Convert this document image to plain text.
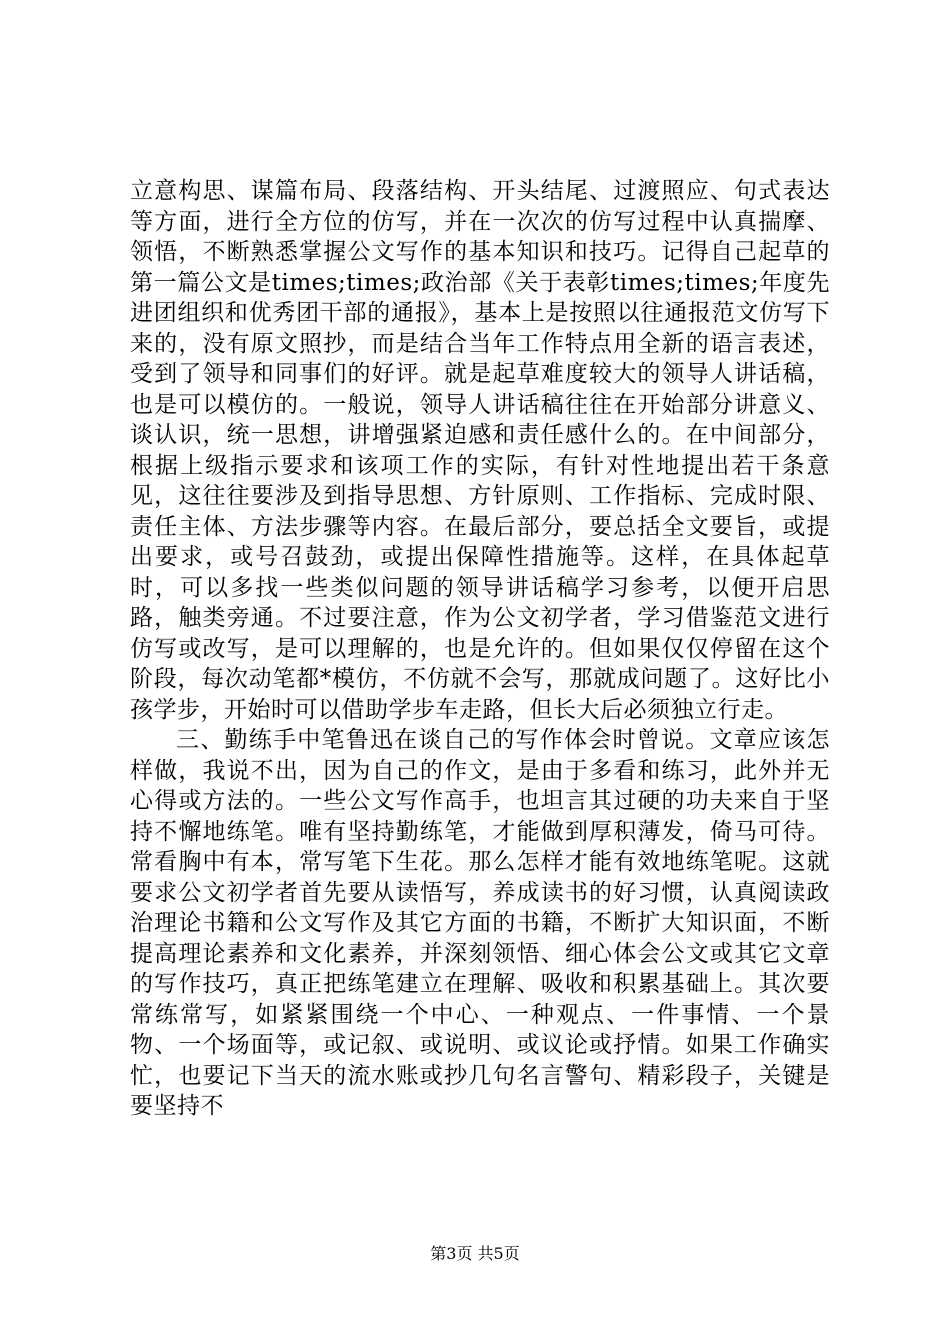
立意构思、谋篇布局、段落结构、开头结尾、过渡照应、句式表达等方面，进行全方位的仿写，并在一次次的仿写过程中认真揣摩、领悟，不断熟悉掌握公文写作的基本知识和技巧。记得自己起草的第一篇公文是times;times;政治部《关于表彰times;times;年度先进团组织和优秀团干部的通报》，基本上是按照以往通报范文仿写下来的，没有原文照抄，而是结合当年工作特点用全新的语言表述，受到了领导和同事们的好评。就是起草难度较大的领导人讲话稿，也是可以模仿的。一般说，领导人讲话稿往往在开始部分讲意义、谈认识，统一思想，讲增强紧迫感和责任感什么的。在中间部分，根据上级指示要求和该项工作的实际，有针对性地提出若干条意见，这往往要涉及到指导思想、方针原则、工作指标、完成时限、责任主体、方法步骤等内容。在最后部分，要总括全文要旨，或提出要求，或号召鼓劲，或提出保障性措施等。这样，在具体起草时，可以多找一些类似问题的领导讲话稿学习参考，以便开启思路，触类旁通。不过要注意，作为公文初学者，学习借鉴范文进行仿写或改写，是可以理解的，也是允许的。但如果仅仅停留在这个阶段，每次动笔都*模仿，不仿就不会写，那就成问题了。这好比小孩学步，开始时可以借助学步车走路，但长大后必须独立行走。

三、勤练手中笔鲁迅在谈自己的写作体会时曾说。文章应该怎样做，我说不出，因为自己的作文，是由于多看和练习，此外并无心得或方法的。一些公文写作高手，也坦言其过硬的功夫来自于坚持不懈地练笔。唯有坚持勤练笔，才能做到厚积薄发，倚马可待。常看胸中有本，常写笔下生花。那么怎样才能有效地练笔呢。这就要求公文初学者首先要从读悟写，养成读书的好习惯，认真阅读政治理论书籍和公文写作及其它方面的书籍，不断扩大知识面，不断提高理论素养和文化素养，并深刻领悟、细心体会公文或其它文章的写作技巧，真正把练笔建立在理解、吸收和积累基础上。其次要常练常写，如紧紧围绕一个中心、一种观点、一件事情、一个景物、一个场面等，或记叙、或说明、或议论或抒情。如果工作确实忙，也要记下当天的流水账或抄几句名言警句、精彩段子，关键是要坚持不

第3页 共5页
